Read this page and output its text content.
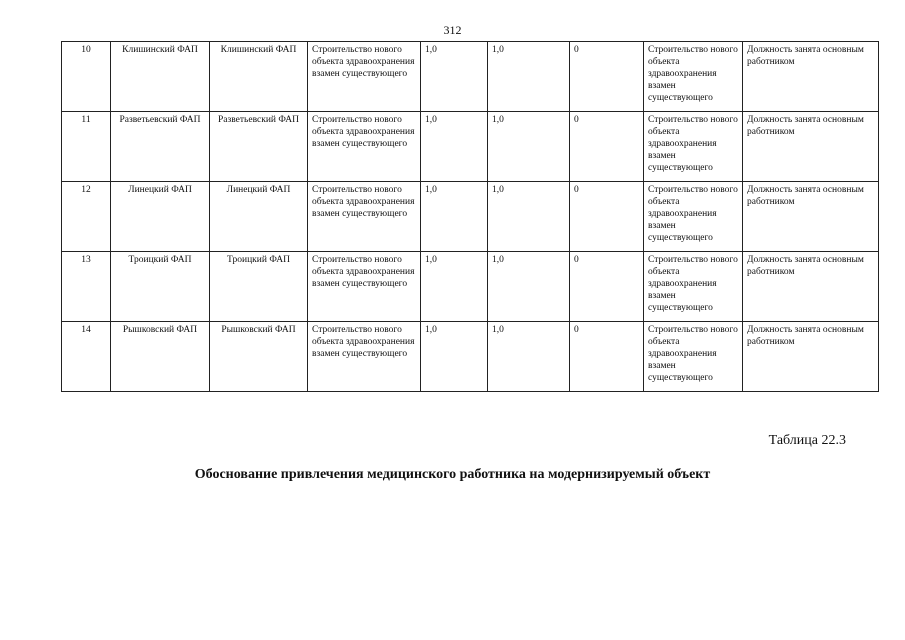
312
10	Клишинский ФАП	Клишинский ФАП	Строительство нового объекта здравоохранения взамен существующего	1,0	1,0	0	Строительство нового объекта здравоохранения взамен существующего	Должность занята основным работником
11	Разветьевский ФАП	Разветьевский ФАП	Строительство нового объекта здравоохранения взамен существующего	1,0	1,0	0	Строительство нового объекта здравоохранения взамен существующего	Должность занята основным работником
12	Линецкий ФАП	Линецкий ФАП	Строительство нового объекта здравоохранения взамен существующего	1,0	1,0	0	Строительство нового объекта здравоохранения взамен существующего	Должность занята основным работником
13	Троицкий ФАП	Троицкий ФАП	Строительство нового объекта здравоохранения взамен существующего	1,0	1,0	0	Строительство нового объекта здравоохранения взамен существующего	Должность занята основным работником
14	Рышковский ФАП	Рышковский ФАП	Строительство нового объекта здравоохранения взамен существующего	1,0	1,0	0	Строительство нового объекта здравоохранения взамен существующего	Должность занята основным работником
Таблица 22.3
Обоснование привлечения медицинского работника на модернизируемый объект
